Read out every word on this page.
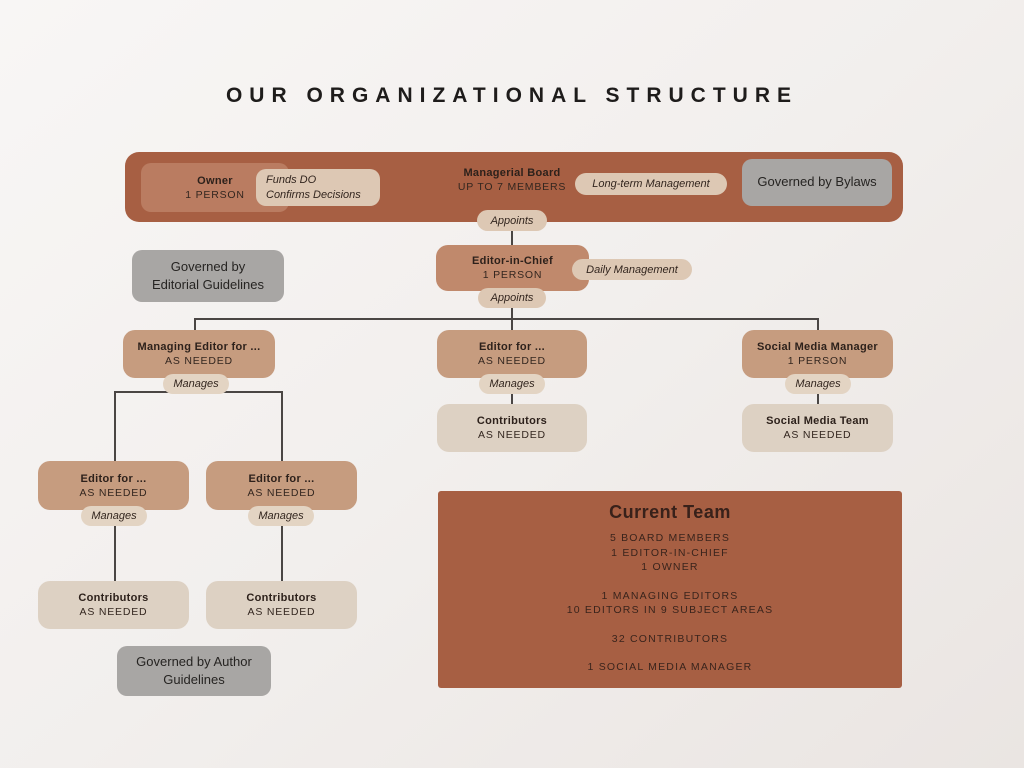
OUR ORGANIZATIONAL STRUCTURE
Owner
1 PERSON
Funds DO
Confirms Decisions
Managerial Board
UP TO 7 MEMBERS	Long-term Management	Governed by Bylaws
Appoints
Editor-in-Chief
1 PERSON	Daily Management
Appoints
Governed by
Editorial Guidelines
Managing Editor for ...
AS NEEDED
Manages
Editor for ...
AS NEEDED
Manages
Social Media Manager
1 PERSON
Manages
Contributors
AS NEEDED
Social Media Team
AS NEEDED
Editor for ...
AS NEEDED
Manages
Editor for ...
AS NEEDED
Manages
Contributors
AS NEEDED
Contributors
AS NEEDED
Governed by Author
Guidelines
Current Team
5 BOARD MEMBERS
1 EDITOR-IN-CHIEF
1 OWNER
1 MANAGING EDITORS
10 EDITORS IN 9 SUBJECT AREAS
32 CONTRIBUTORS
1 SOCIAL MEDIA MANAGER
